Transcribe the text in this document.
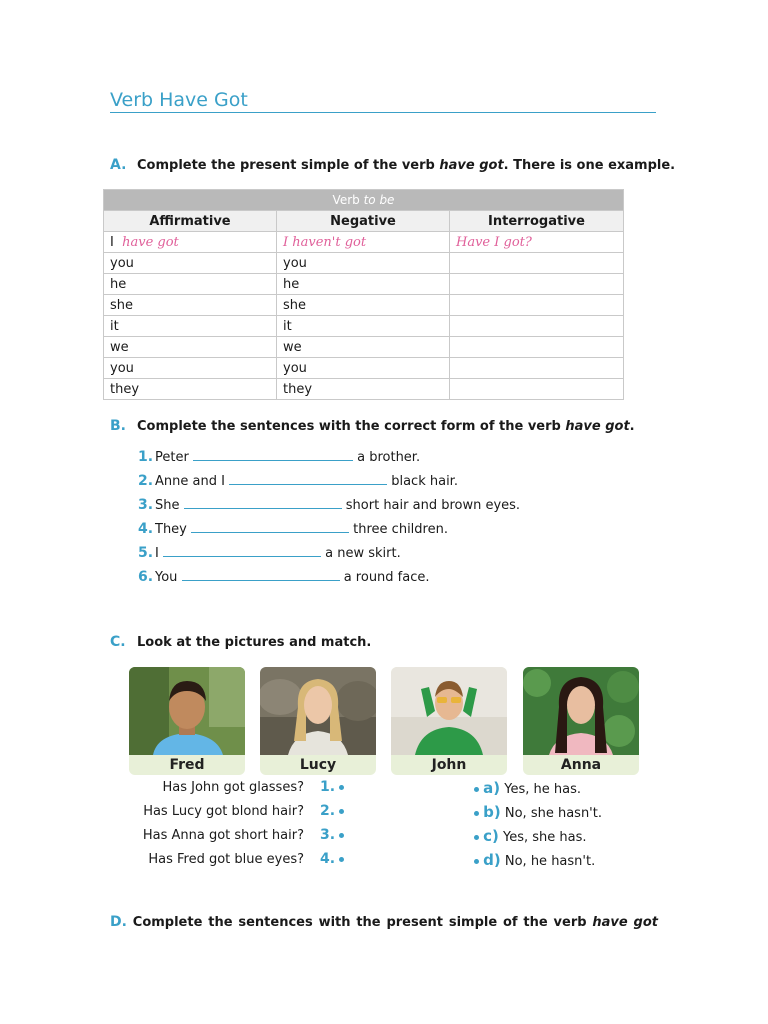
Verb Have Got
A. Complete the present simple of the verb have got. There is one example.
Verb to be		
Affirmative	Negative	Interrogative
I have got	I haven't got	Have I got?
you	you	
he	he	
she	she	
it	it	
we	we	
you	you	
they	they	
B. Complete the sentences with the correct form of the verb have got.
1. Peter	a brother.
2. Anne and I	black hair.
3. She	short hair and brown eyes.
4. They	three children.
5. I	a new skirt.
6. You	a round face.
C. Look at the pictures and match.
Fred	Lucy	John	Anna
Has John got glasses?
Has Lucy got blond hair?
Has Anna got short hair?
Has Fred got blue eyes?
1.
2.
3.
4.
a) Yes, he has.
b) No, she hasn't.
c) Yes, she has.
d) No, he hasn't.
D. Complete the sentences with the present simple of the verb have got
